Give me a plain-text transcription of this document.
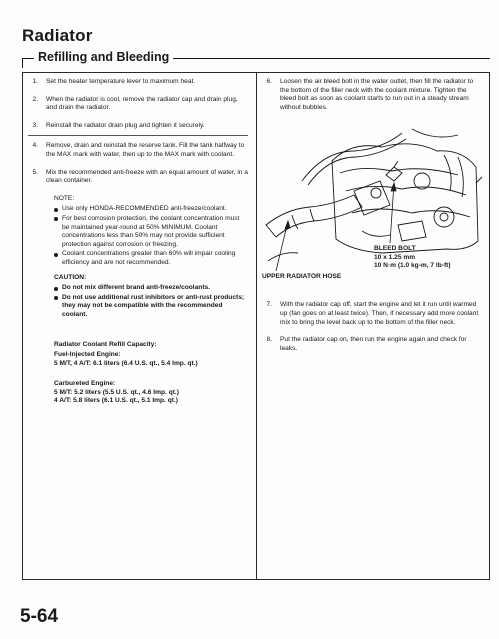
Radiator
Refilling and Bleeding
1.	Set the heater temperature lever to maximum heat.
2.	When the radiator is cool, remove the radiator cap and drain plug, and drain the radiator.
3.	Reinstall the radiator drain plug and tighten it securely.
4.	Remove, drain and reinstall the reserve tank. Fill the tank halfway to the MAX mark with water, then up to the MAX mark with coolant.
5.	Mix the recommended anti-freeze with an equal amount of water, in a clean container.
NOTE:
Use only HONDA-RECOMMENDED anti-freeze/coolant.
For best corrosion protection, the coolant concentration must be maintained year-round at 50% MINIMUM. Coolant concentrations less than 50% may not provide sufficient protection against corrosion or freezing.
Coolant concentrations greater than 60% will impair cooling efficiency and are not recommended.
CAUTION:
Do not mix different brand anti-freeze/coolants.
Do not use additional rust inhibitors or anti-rust products; they may not be compatible with the recommended coolant.
Radiator Coolant Refill Capacity:
Fuel-Injected Engine:
5 M/T, 4 A/T: 6.1 liters (6.4 U.S. qt., 5.4 Imp. qt.)
Carbureted Engine:
5 M/T: 5.2 liters (5.5 U.S. qt., 4.6 Imp. qt.)
4 A/T: 5.8 liters (6.1 U.S. qt., 5.1 Imp. qt.)
6.	Loosen the air bleed bolt in the water outlet, then fill the radiator to the bottom of the filler neck with the coolant mixture. Tighten the bleed bolt as soon as coolant starts to run out in a steady stream without bubbles.
BLEED BOLT
10 x 1.25 mm
10 N·m (1.0 kg-m, 7 lb-ft)
UPPER RADIATOR HOSE
7.	With the radiator cap off, start the engine and let it run until warmed up (fan goes on at least twice). Then, if necessary add more coolant mix to bring the level back up to the bottom of the filler neck.
8.	Put the radiator cap on, then run the engine again and check for leaks.
5-64
